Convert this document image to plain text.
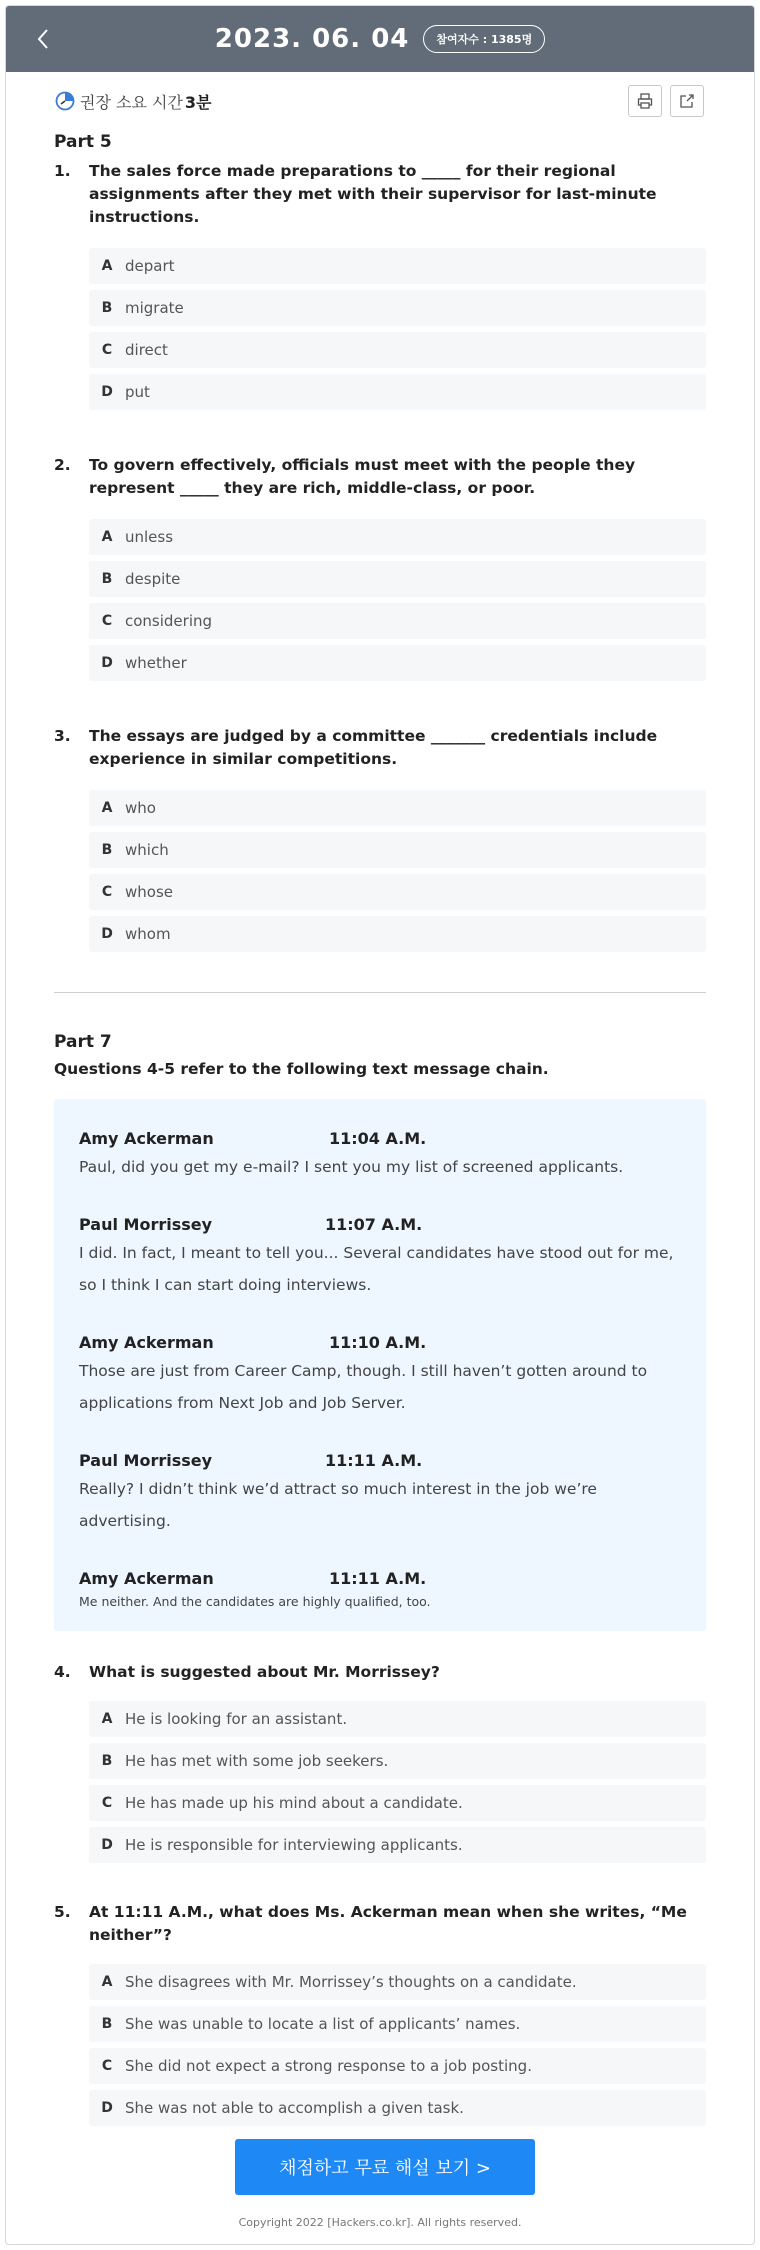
2023. 06. 04	참여자수 : 1385명
권장 소요 시간 3분
Part 5
1.	The sales force made preparations to _____ for their regional assignments after they met with their supervisor for last-minute instructions.
A depart
B migrate
C direct
D put
2.	To govern effectively, officials must meet with the people they represent _____ they are rich, middle-class, or poor.
A unless
B despite
C considering
D whether
3.	The essays are judged by a committee _______ credentials include experience in similar competitions.
A who
B which
C whose
D whom
Part 7
Questions 4-5 refer to the following text message chain.
Amy Ackerman	11:04 A.M.
Paul, did you get my e-mail? I sent you my list of screened applicants.
Paul Morrissey	11:07 A.M.
I did. In fact, I meant to tell you... Several candidates have stood out for me, so I think I can start doing interviews.
Amy Ackerman	11:10 A.M.
Those are just from Career Camp, though. I still haven’t gotten around to applications from Next Job and Job Server.
Paul Morrissey	11:11 A.M.
Really? I didn’t think we’d attract so much interest in the job we’re advertising.
Amy Ackerman	11:11 A.M.
Me neither. And the candidates are highly qualified, too.
4.	What is suggested about Mr. Morrissey?
A He is looking for an assistant.
B He has met with some job seekers.
C He has made up his mind about a candidate.
D He is responsible for interviewing applicants.
5.	At 11:11 A.M., what does Ms. Ackerman mean when she writes, “Me neither”?
A She disagrees with Mr. Morrissey’s thoughts on a candidate.
B She was unable to locate a list of applicants’ names.
C She did not expect a strong response to a job posting.
D She was not able to accomplish a given task.
채점하고 무료 해설 보기 >
Copyright 2022 [Hackers.co.kr]. All rights reserved.
